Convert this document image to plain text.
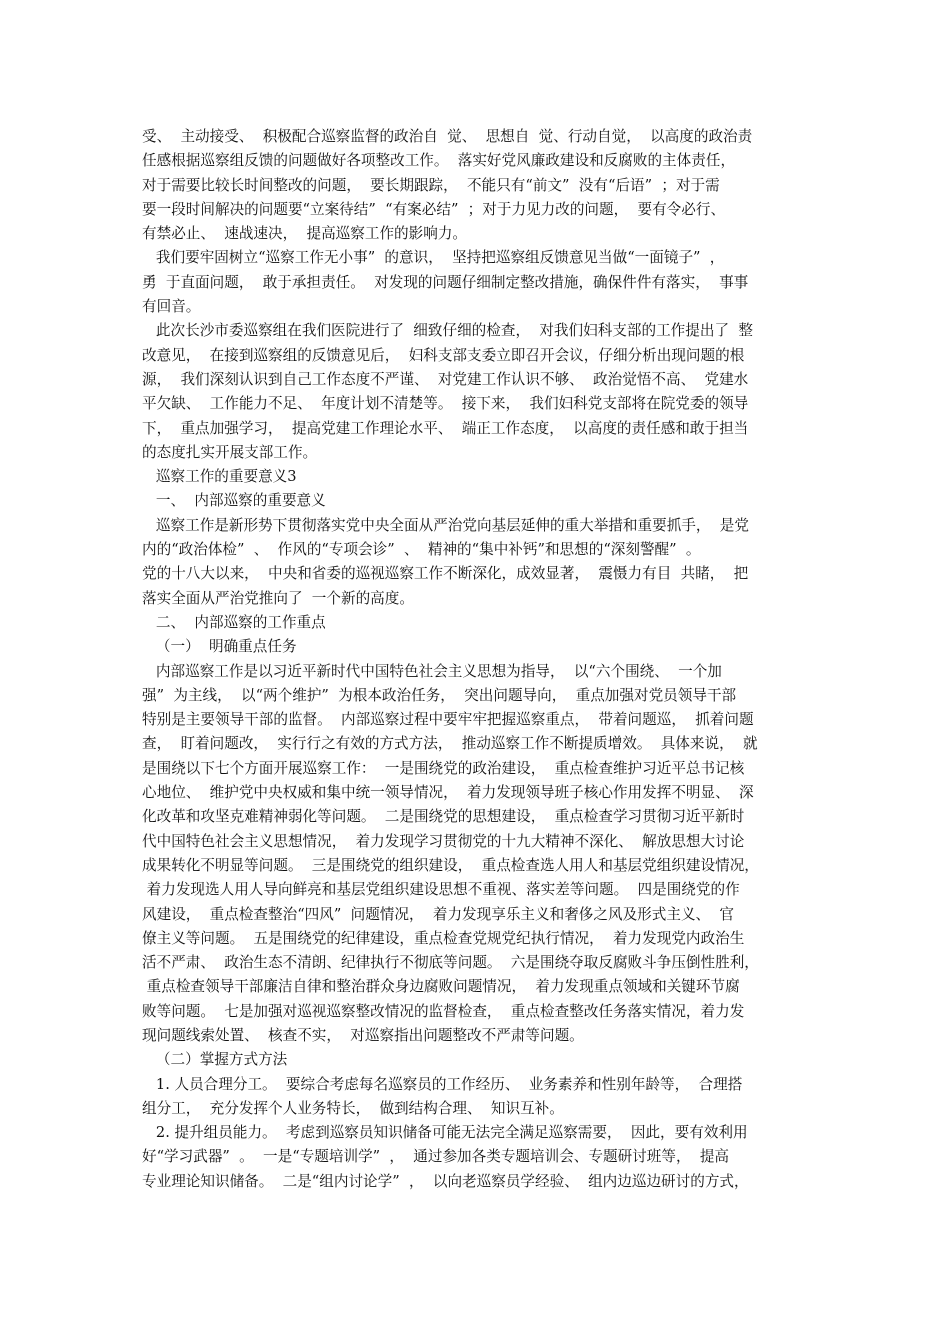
受、  主动接受、  积极配合巡察监督的政治自  觉、  思想自  觉、行动自觉，  以高度的政治责
任感根据巡察组反馈的问题做好各项整改工作。  落实好党风廉政建设和反腐败的主体责任，
对于需要比较长时间整改的问题，  要长期跟踪，  不能只有“前文”  没有“后语”  ；对于需
要一段时间解决的问题要“立案待结”  “有案必结”  ；对于力见力改的问题，  要有令必行、
有禁必止、  速战速决，  提高巡察工作的影响力。
我们要牢固树立“巡察工作无小事”  的意识，  坚持把巡察组反馈意见当做“一面镜子”  ，
勇  于直面问题，  敢于承担责任。  对发现的问题仔细制定整改措施，确保件件有落实，  事事
有回音。
此次长沙市委巡察组在我们医院进行了  细致仔细的检查，  对我们妇科支部的工作提出了  整
改意见，  在接到巡察组的反馈意见后，  妇科支部支委立即召开会议，仔细分析出现问题的根
源，  我们深刻认识到自己工作态度不严谨、  对党建工作认识不够、  政治觉悟不高、  党建水
平欠缺、  工作能力不足、  年度计划不清楚等。  接下来，  我们妇科党支部将在院党委的领导
下，  重点加强学习，  提高党建工作理论水平、  端正工作态度，  以高度的责任感和敢于担当
的态度扎实开展支部工作。
巡察工作的重要意义3
一、  内部巡察的重要意义
巡察工作是新形势下贯彻落实党中央全面从严治党向基层延伸的重大举措和重要抓手，  是党
内的“政治体检”  、  作风的“专项会诊”  、  精神的“集中补钙”和思想的“深刻警醒”  。
党的十八大以来，  中央和省委的巡视巡察工作不断深化，成效显著，  震慑力有目  共睹，  把
落实全面从严治党推向了  一个新的高度。
二、  内部巡察的工作重点
（一）  明确重点任务
内部巡察工作是以习近平新时代中国特色社会主义思想为指导，  以“六个围绕、  一个加
强”  为主线，  以“两个维护”  为根本政治任务，  突出问题导向，  重点加强对党员领导干部
特别是主要领导干部的监督。  内部巡察过程中要牢牢把握巡察重点，  带着问题巡，  抓着问题
查，  盯着问题改，  实行行之有效的方式方法，  推动巡察工作不断提质增效。  具体来说，  就
是围绕以下七个方面开展巡察工作：  一是围绕党的政治建设，  重点检查维护习近平总书记核
心地位、  维护党中央权威和集中统一领导情况，  着力发现领导班子核心作用发挥不明显、  深
化改革和攻坚克难精神弱化等问题。  二是围绕党的思想建设，  重点检查学习贯彻习近平新时
代中国特色社会主义思想情况，  着力发现学习贯彻党的十九大精神不深化、  解放思想大讨论
成果转化不明显等问题。  三是围绕党的组织建设，  重点检查选人用人和基层党组织建设情况，
着力发现选人用人导向鲜亮和基层党组织建设思想不重视、落实差等问题。  四是围绕党的作
风建设，  重点检查整治“四风”  问题情况，  着力发现享乐主义和奢侈之风及形式主义、  官
僚主义等问题。  五是围绕党的纪律建设，重点检查党规党纪执行情况，  着力发现党内政治生
活不严肃、  政治生态不清朗、纪律执行不彻底等问题。  六是围绕夺取反腐败斗争压倒性胜利，
重点检查领导干部廉洁自律和整治群众身边腐败问题情况，  着力发现重点领域和关键环节腐
败等问题。  七是加强对巡视巡察整改情况的监督检查，  重点检查整改任务落实情况，着力发
现问题线索处置、  核查不实，  对巡察指出问题整改不严肃等问题。
（二）掌握方式方法
1. 人员合理分工。  要综合考虑每名巡察员的工作经历、  业务素养和性别年龄等，  合理搭
组分工，  充分发挥个人业务特长，  做到结构合理、  知识互补。
2. 提升组员能力。  考虑到巡察员知识储备可能无法完全满足巡察需要，  因此，要有效利用
好“学习武器”  。  一是“专题培训学”  ，  通过参加各类专题培训会、专题研讨班等，  提高
专业理论知识储备。  二是“组内讨论学”  ，  以向老巡察员学经验、  组内边巡边研讨的方式，
